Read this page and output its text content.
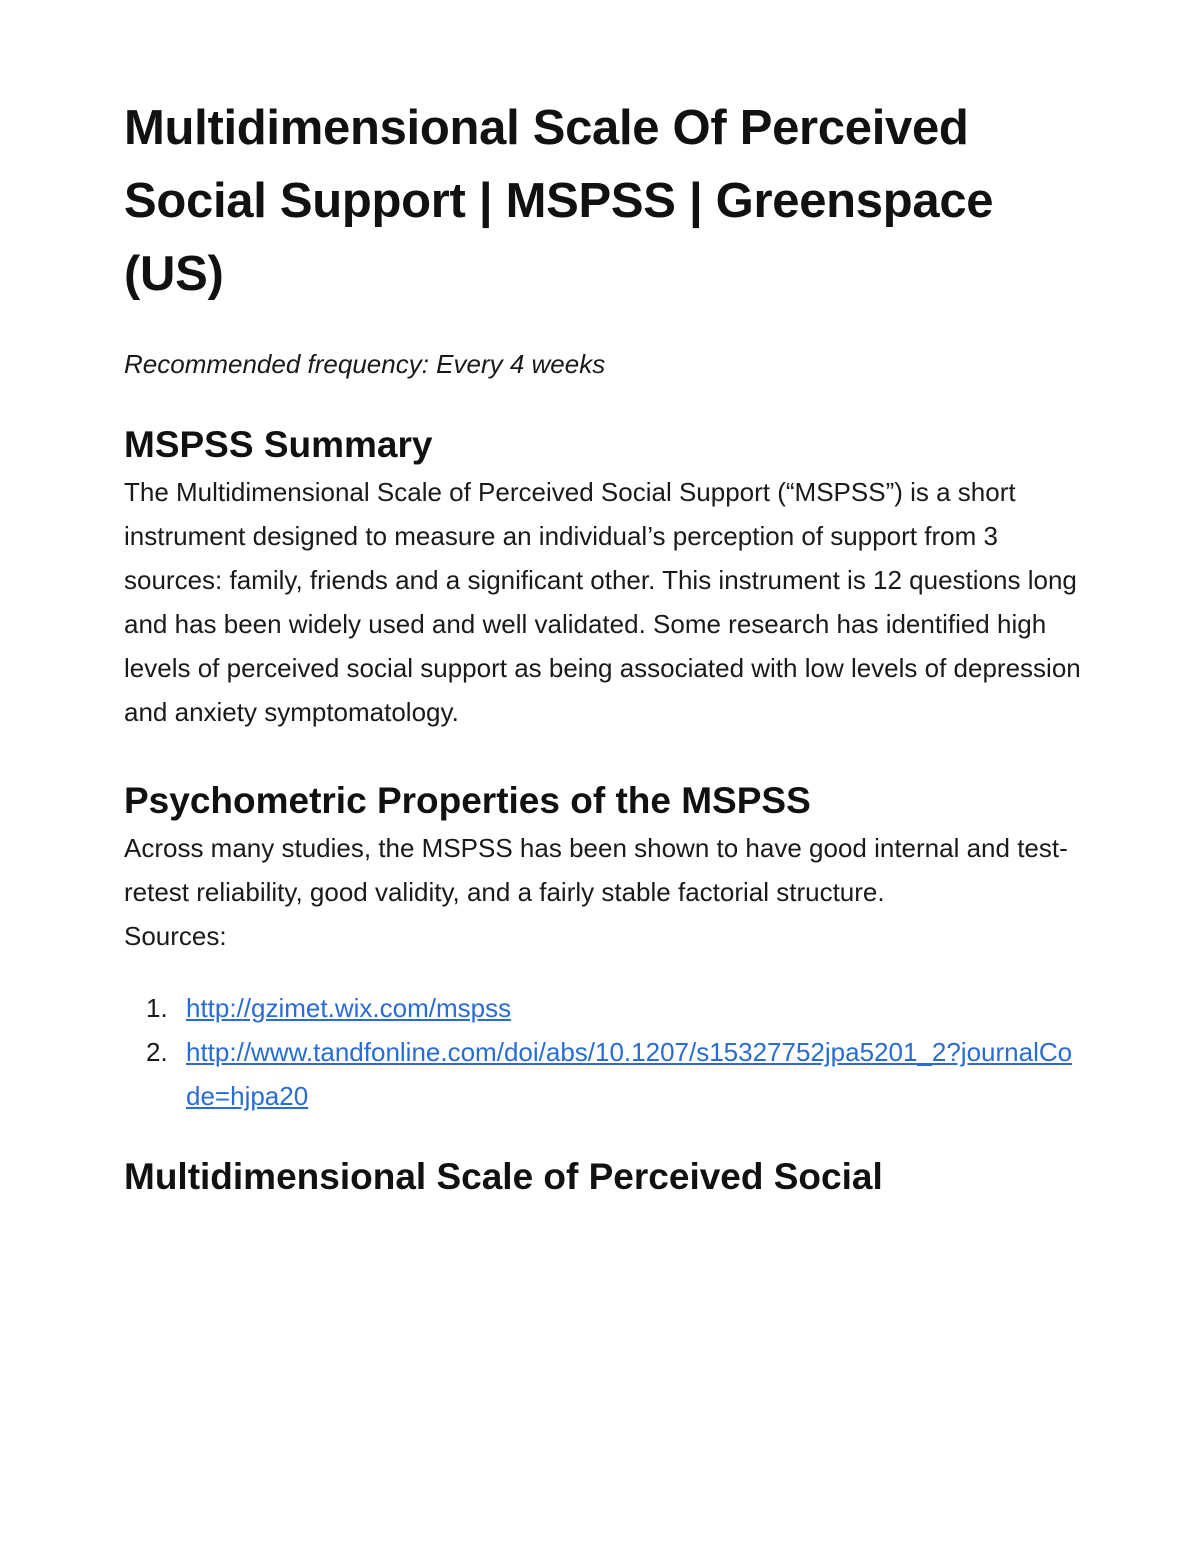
Multidimensional Scale Of Perceived Social Support | MSPSS | Greenspace (US)

Recommended frequency: Every 4 weeks

MSPSS Summary

The Multidimensional Scale of Perceived Social Support (“MSPSS”) is a short instrument designed to measure an individual’s perception of support from 3 sources: family, friends and a significant other. This instrument is 12 questions long and has been widely used and well validated. Some research has identified high levels of perceived social support as being associated with low levels of depression and anxiety symptomatology.

Psychometric Properties of the MSPSS

Across many studies, the MSPSS has been shown to have good internal and test-retest reliability, good validity, and a fairly stable factorial structure.

Sources:

1. http://gzimet.wix.com/mspss
2. http://www.tandfonline.com/doi/abs/10.1207/s15327752jpa5201_2?journalCode=hjpa20
Multidimensional Scale of Perceived Social
